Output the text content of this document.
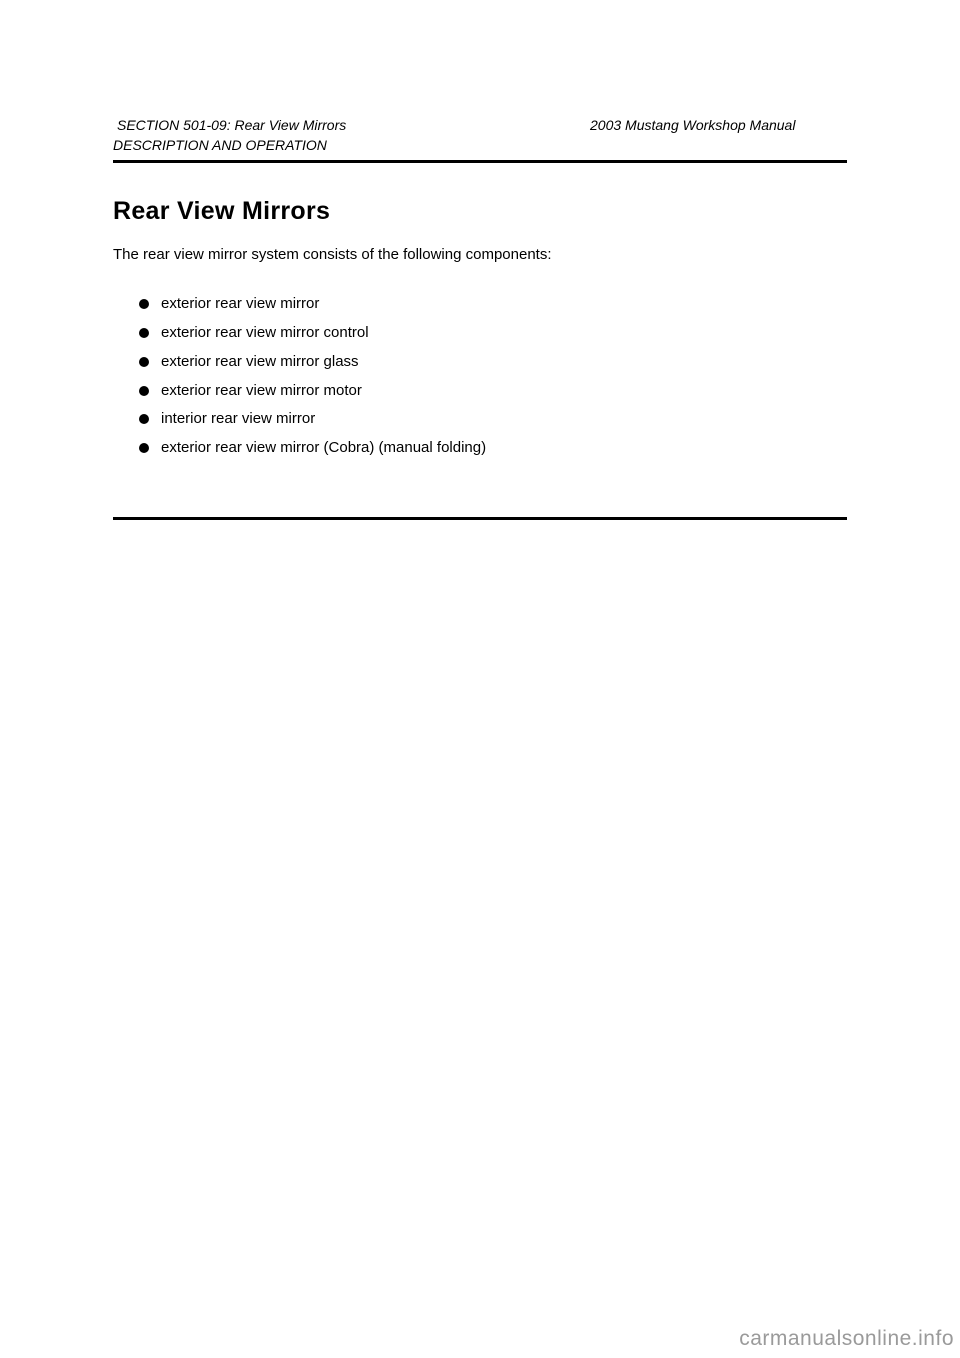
SECTION 501-09: Rear View Mirrors	2003 Mustang Workshop Manual
DESCRIPTION AND OPERATION
Rear View Mirrors

The rear view mirror system consists of the following components:

exterior rear view mirror
exterior rear view mirror control
exterior rear view mirror glass
exterior rear view mirror motor
interior rear view mirror
exterior rear view mirror (Cobra) (manual folding)
carmanualsonline.info
